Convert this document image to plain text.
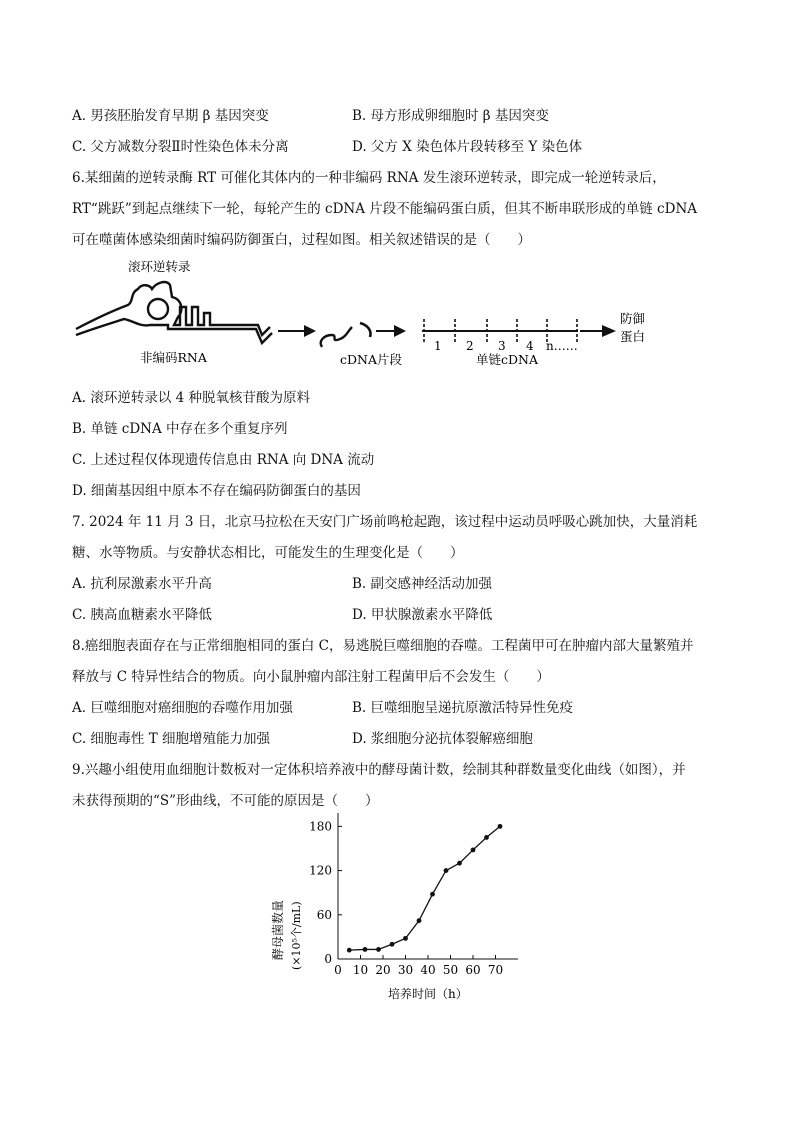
A. 男孩胚胎发育早期 β 基因突变	B. 母方形成卵细胞时 β 基因突变
C. 父方减数分裂Ⅱ时性染色体未分离	D. 父方 X 染色体片段转移至 Y 染色体
6.某细菌的逆转录酶 RT 可催化其体内的一种非编码 RNA 发生滚环逆转录，即完成一轮逆转录后，
RT“跳跃”到起点继续下一轮，每轮产生的 cDNA 片段不能编码蛋白质，但其不断串联形成的单链 cDNA
可在噬菌体感染细菌时编码防御蛋白，过程如图。相关叙述错误的是（　　）
滚环逆转录
非编码RNA	cDNA片段
1 2 3 4 n……
单链cDNA
防御
蛋白
A. 滚环逆转录以 4 种脱氧核苷酸为原料
B. 单链 cDNA 中存在多个重复序列
C. 上述过程仅体现遗传信息由 RNA 向 DNA 流动
D. 细菌基因组中原本不存在编码防御蛋白的基因
7. 2024 年 11 月 3 日，北京马拉松在天安门广场前鸣枪起跑，该过程中运动员呼吸心跳加快，大量消耗
糖、水等物质。与安静状态相比，可能发生的生理变化是（　　）
A. 抗利尿激素水平升高	B. 副交感神经活动加强
C. 胰高血糖素水平降低	D. 甲状腺激素水平降低
8.癌细胞表面存在与正常细胞相同的蛋白 C，易逃脱巨噬细胞的吞噬。工程菌甲可在肿瘤内部大量繁殖并
释放与 C 特异性结合的物质。向小鼠肿瘤内部注射工程菌甲后不会发生（　　）
A. 巨噬细胞对癌细胞的吞噬作用加强	B. 巨噬细胞呈递抗原激活特异性免疫
C. 细胞毒性 T 细胞增殖能力加强	D. 浆细胞分泌抗体裂解癌细胞
9.兴趣小组使用血细胞计数板对一定体积培养液中的酵母菌计数，绘制其种群数量变化曲线（如图），并
未获得预期的“S”形曲线，不可能的原因是（　　）
0 10 20 30 40 50 60 70
0
60
120
180
酵母菌数量 (×10⁵个/mL)
培养时间（h）
